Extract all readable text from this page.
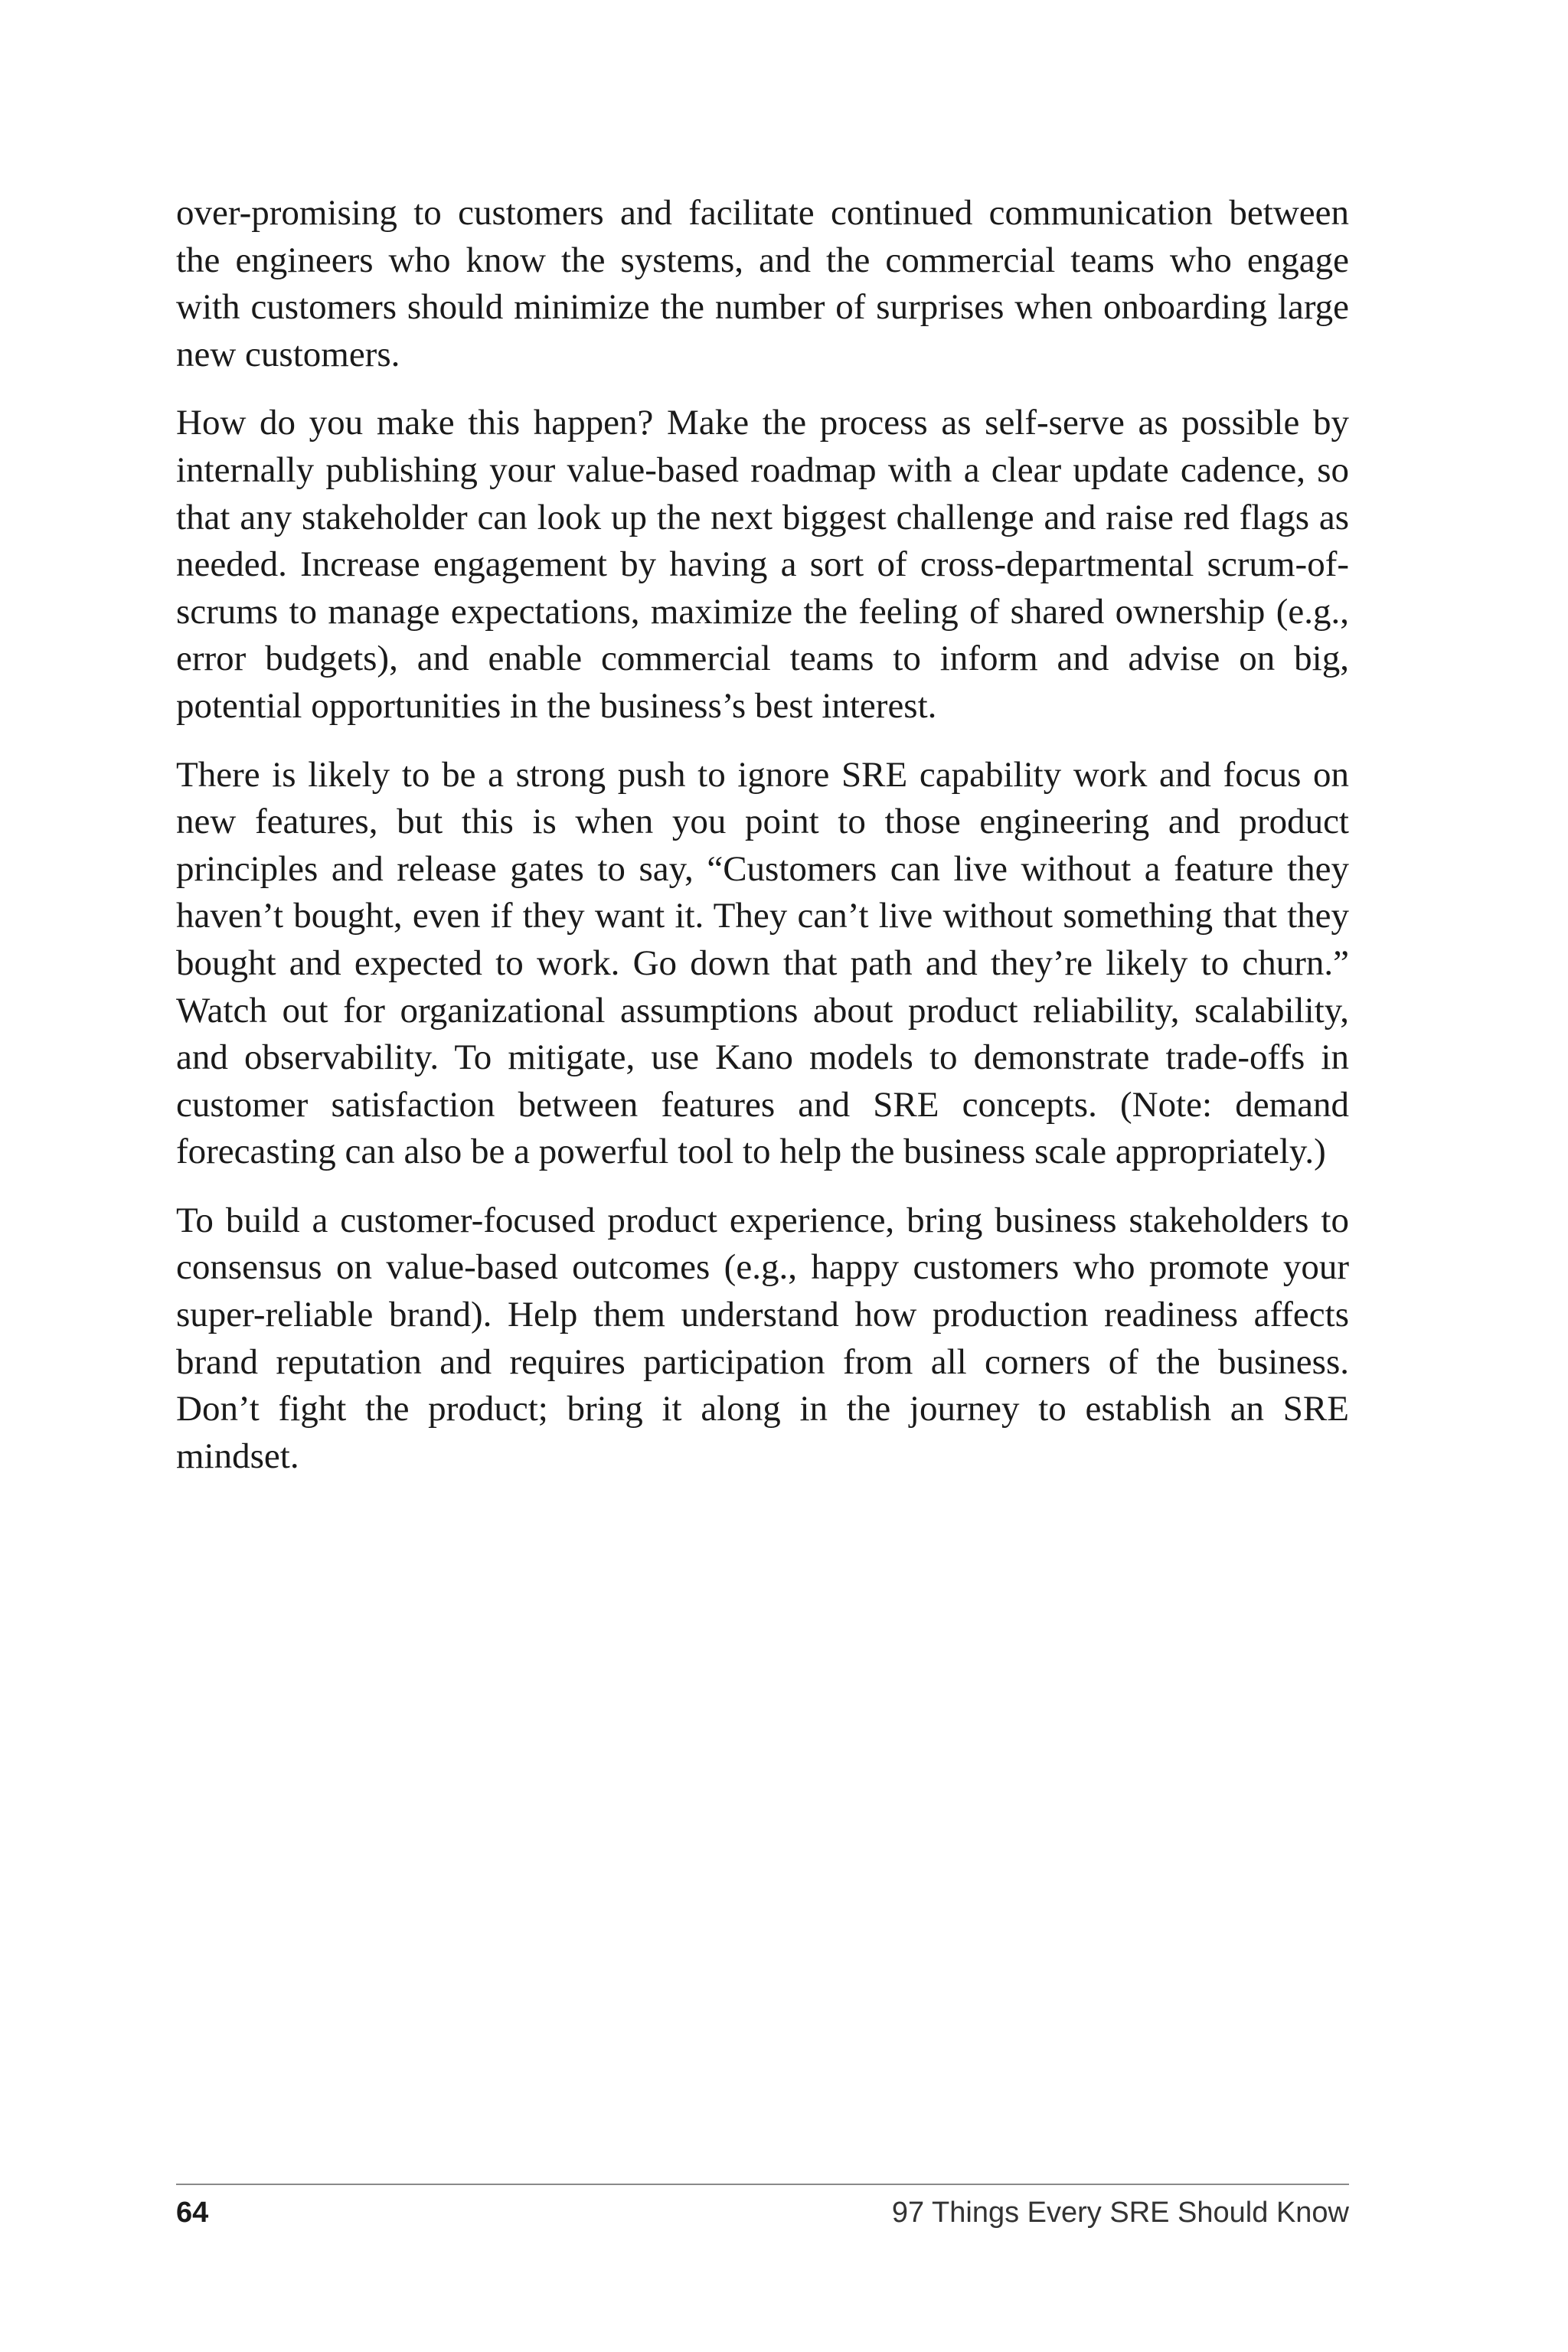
over-promising to customers and facilitate continued communication between the engineers who know the systems, and the commercial teams who engage with customers should minimize the number of surprises when onboarding large new customers.

How do you make this happen? Make the process as self-serve as possible by internally publishing your value-based roadmap with a clear update cadence, so that any stakeholder can look up the next biggest challenge and raise red flags as needed. Increase engagement by having a sort of cross-departmental scrum-of-scrums to manage expectations, maximize the feeling of shared ownership (e.g., error budgets), and enable commercial teams to inform and advise on big, potential opportunities in the business’s best interest.

There is likely to be a strong push to ignore SRE capability work and focus on new features, but this is when you point to those engineering and product principles and release gates to say, “Customers can live without a feature they haven’t bought, even if they want it. They can’t live without something that they bought and expected to work. Go down that path and they’re likely to churn.” Watch out for organizational assumptions about product reliability, scalability, and observability. To mitigate, use Kano models to demonstrate trade-offs in customer satisfaction between features and SRE concepts. (Note: demand forecasting can also be a powerful tool to help the business scale appropriately.)

To build a customer-focused product experience, bring business stakeholders to consensus on value-based outcomes (e.g., happy customers who promote your super-reliable brand). Help them understand how production readiness affects brand reputation and requires participation from all corners of the business. Don’t fight the product; bring it along in the journey to establish an SRE mindset.

64	97 Things Every SRE Should Know
